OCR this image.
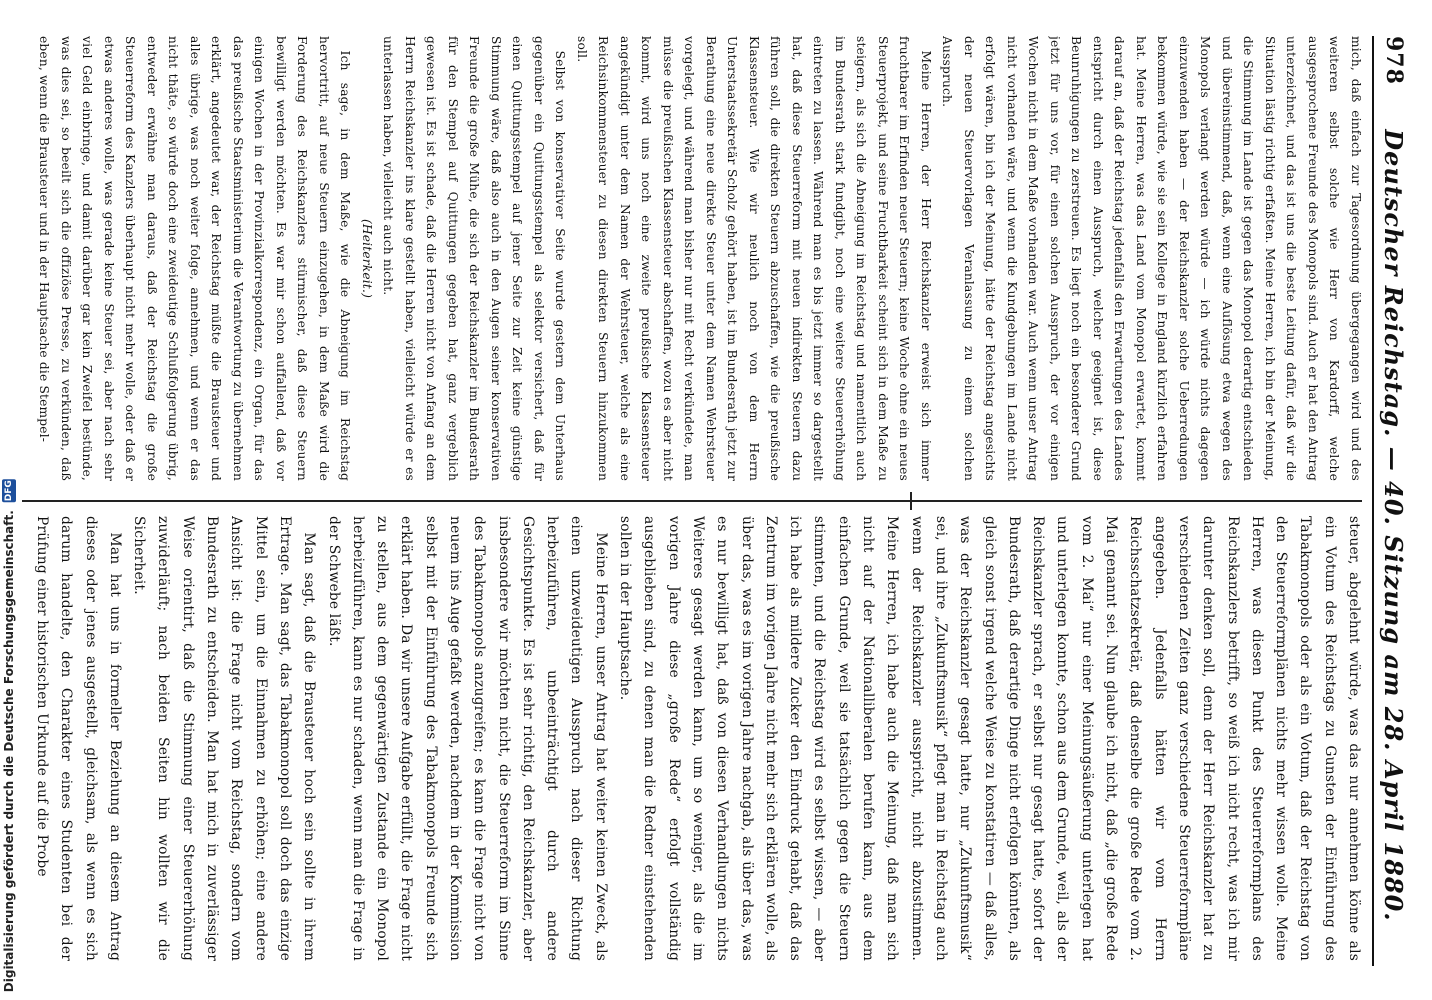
Digitalisierung gefördert durch die Deutsche Forschungsgemeinschaft. DFG
978
Deutscher Reichstag. — 40. Sitzung am 28. April 1880.

mich, daß einfach zur Tagesordnung übergegangen wird und des weiteren selbst solche wie Herr von Kardorff, welche ausgesprochene Freunde des Monopols sind. Auch er hat den Antrag unterzeichnet, und das ist uns die beste Leitung dafür, daß wir die Situation lästig richtig erfaßten. Meine Herren, ich bin der Meinung, die Stimmung im Lande ist gegen das Monopol derartig entschieden und übereinstimmend, daß, wenn eine Auflösung etwa wegen des Monopols verlangt werden würde — ich würde nichts dagegen einzuwenden haben — der Reichskanzler solche Ueberredungen bekommen würde, wie sie sein Kollege in England kürzlich erfahren hat. Meine Herren, was das Land vom Monopol erwartet, kommt darauf an, daß der Reichstag jedenfalls den Erwartungen des Landes entspricht durch einen Ausspruch, welcher geeignet ist, diese Beunruhigungen zu zerstreuen. Es liegt noch ein besonderer Grund jetzt für uns vor, für einen solchen Ausspruch, der vor einigen Wochen nicht in dem Maße vorhanden war. Auch wenn unser Antrag nicht vorhanden wäre, und wenn die Kundgebungen im Lande nicht erfolgt wären, bin ich der Meinung, hätte der Reichstag angesichts der neuen Steuervorlagen Veranlassung zu einem solchen Ausspruch.

Meine Herren, der Herr Reichskanzler erweist sich immer fruchtbarer im Erfinden neuer Steuern; keine Woche ohne ein neues Steuerprojekt, und seine Fruchtbarkeit scheint sich in dem Maße zu steigern, als sich die Abneigung im Reichstag und namentlich auch im Bundesrath stark fundgibt, noch eine weitere Steuererhöhung eintreten zu lassen. Während man es bis jetzt immer so dargestellt hat, daß diese Steuerreform mit neuen indirekten Steuern dazu führen soll, die direkten Steuern abzuschaffen, wie die preußische Klassensteuer. Wie wir neulich noch von dem Herrn Unterstaatssekretär Scholz gehört haben, ist im Bundesrath jetzt zur Berathung eine neue direkte Steuer unter dem Namen Wehrsteuer vorgelegt, und während man bisher nur mit Recht verkündete, man müsse die preußischen Klassensteuer abschaffen, wozu es aber nicht kommt, wird uns noch eine zweite preußische Klassensteuer angekündigt unter dem Namen der Wehrsteuer, welche als eine Reichsinkommensteuer zu diesen direkten Steuern hinzukommen soll.

Selbst von konservativer Seite wurde gestern dem Unterhaus gegenüber ein Quittungsstempel als selektor versichert, daß für einen Quittungsstempel auf jener Seite zur Zeit keine günstige Stimmung wäre, daß also auch in den Augen seiner konservativen Freunde die große Mühe, die sich der Reichskanzler im Bundesrath für den Stempel auf Quittungen gegeben hat, ganz vergeblich gewesen ist. Es ist schade, daß die Herren nicht von Anfang an dem Herrn Reichskanzler ins klare gestellt haben, vielleicht würde er es unterlassen haben, vielleicht auch nicht.

(Heiterkeit.)

Ich sage, in dem Maße, wie die Abneigung im Reichstag hervortritt, auf neue Steuern einzugehen, in dem Maße wird die Forderung des Reichskanzlers stürmischer, daß diese Steuern bewilligt werden möchten. Es war mir schon auffallend, daß vor einigen Wochen in der Provinzialkorrespondenz, ein Organ, für das das preußische Staatsministerium die Verantwortung zu übernehmen erklärt, angedeutet war, der Reichstag müßte die Brausteuer und alles übrige, was noch weiter folge, annehmen, und wenn er das nicht thäte, so würde doch eine zweideutige Schlußfolgerung übrig, entweder erwähne man daraus, daß der Reichstag die große Steuerreform des Kanzlers überhaupt nicht mehr wolle, oder daß er etwas anderes wolle, was gerade keine Steuer sei, aber nach sehr viel Geld einbringe, und damit darüber gar kein Zweifel bestünde, was dies sei, so beeilt sich die offiziöse Presse, zu verkünden, daß eben, wenn die Brausteuer und in der Hauptsache die Stempel-

steuer, abgelehnt würde, was das nur annehmen könne als ein Votum des Reichstags zu Gunsten der Einführung des Tabakmonopols oder als ein Votum, daß der Reichstag von den Steuerreformplänen nichts mehr wissen wolle. Meine Herren, was diesen Punkt des Steuerreformplans des Reichskanzlers betrifft, so weiß ich nicht recht, was ich mir darunter denken soll, denn der Herr Reichskanzler hat zu verschiedenen Zeiten ganz verschiedene Steuerreformpläne angegeben. Jedenfalls hätten wir vom Herrn Reichsschatzsekretär, daß denselbe die große Rede vom 2. Mai genannt sei. Nun glaube ich nicht, daß „die große Rede vom 2. Mai“ nur einer Meinungsäußerung unterlegen hat und unterlegen konnte, schon aus dem Grunde, weil, als der Reichskanzler sprach, er selbst nur gesagt hatte, sofort der Bundesrath, daß derartige Dinge nicht erfolgen könnten, als gleich sonst irgend welche Weise zu konstatiren — daß alles, was der Reichskanzler gesagt hatte, nur „Zukunftsmusik“ sei, und ihre „Zukunftsmusik“ pflegt man in Reichstag auch wenn der Reichskanzler ausspricht, nicht abzustimmen. Meine Herren, ich habe auch die Meinung, daß man sich nicht auf der Nationalliberalen berufen kann, aus dem einfachen Grunde, weil sie tatsächlich gegen die Steuern stimmten, und die Reichstag wird es selbst wissen, — aber ich habe als mildere Zucker den Eindruck gehabt, daß das Zentrum im vorigen Jahre nicht mehr sich erklären wolle, als über das, was es im vorigen Jahre nachgab, als über das, was es nur bewilligt hat, daß von diesen Verhandlungen nichts Weiteres gesagt werden kann, um so weniger, als die im vorigen Jahre diese „große Rede“ erfolgt vollständig ausgeblieben sind, zu denen man die Redner einstehenden sollen in der Hauptsache.

Meine Herren, unser Antrag hat weiter keinen Zweck, als einen unzweideutigen Ausspruch nach dieser Richtung herbeizuführen, unbeeinträchtigt durch andere Gesichtspunkte. Es ist sehr richtig, den Reichskanzler, aber insbesondere wir möchten nicht, die Steuerreform im Sinne des Tabakmonopols anzugreifen; es kann die Frage nicht von neuem ins Auge gefaßt werden, nachdem in der Kommission selbst mit der Einführung des Tabakmonopols Freunde sich erklärt haben. Da wir unsere Aufgabe erfüllt, die Frage nicht zu stellen, aus dem gegenwärtigen Zustande ein Monopol herbeizuführen, kann es nur schaden, wenn man die Frage in der Schwebe läßt.

Man sagt, daß die Brausteuer hoch sein sollte in ihrem Ertrage. Man sagt, das Tabakmonopol soll doch das einzige Mittel sein, um die Einnahmen zu erhöhen; eine andere Ansicht ist: die Frage nicht vom Reichstag, sondern vom Bundesrath zu entscheiden. Man hat mich in zuverlässiger Weise orientirt, daß die Stimmung einer Steuererhöhung zuwiderläuft; nach beiden Seiten hin wollten wir die Sicherheit.

Man hat uns in formeller Beziehung an diesem Antrag dieses oder jenes ausgestellt, gleichsam, als wenn es sich darum handelte, den Charakter eines Studenten bei der Prüfung einer historischen Urkunde auf die Probe
